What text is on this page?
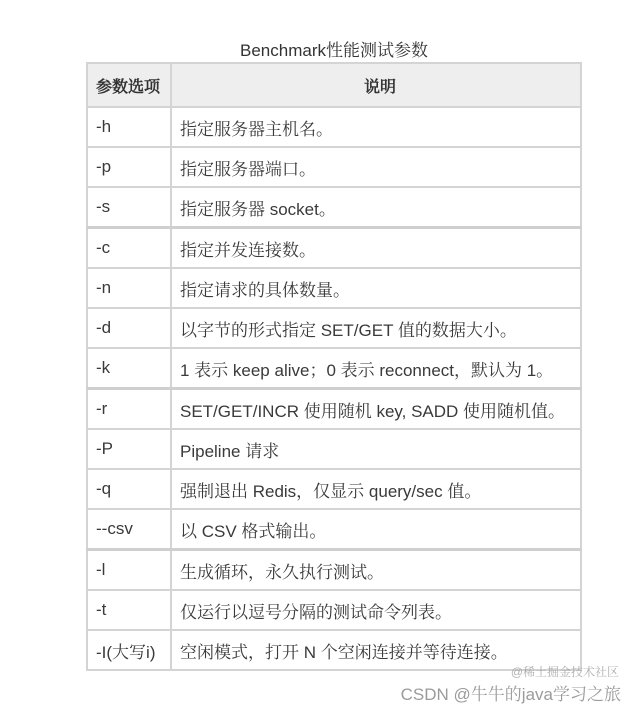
Benchmark性能测试参数
参数选项	说明
-h	指定服务器主机名。
-p	指定服务器端口。
-s	指定服务器 socket。
-c	指定并发连接数。
-n	指定请求的具体数量。
-d	以字节的形式指定 SET/GET 值的数据大小。
-k	1 表示 keep alive；0 表示 reconnect，默认为 1。
-r	SET/GET/INCR 使用随机 key, SADD 使用随机值。
-P	Pipeline 请求
-q	强制退出 Redis，仅显示 query/sec 值。
--csv	以 CSV 格式输出。
-l	生成循环，永久执行测试。
-t	仅运行以逗号分隔的测试命令列表。
-I(大写i)	空闲模式，打开 N 个空闲连接并等待连接。
@稀土掘金技术社区
CSDN @牛牛的java学习之旅
